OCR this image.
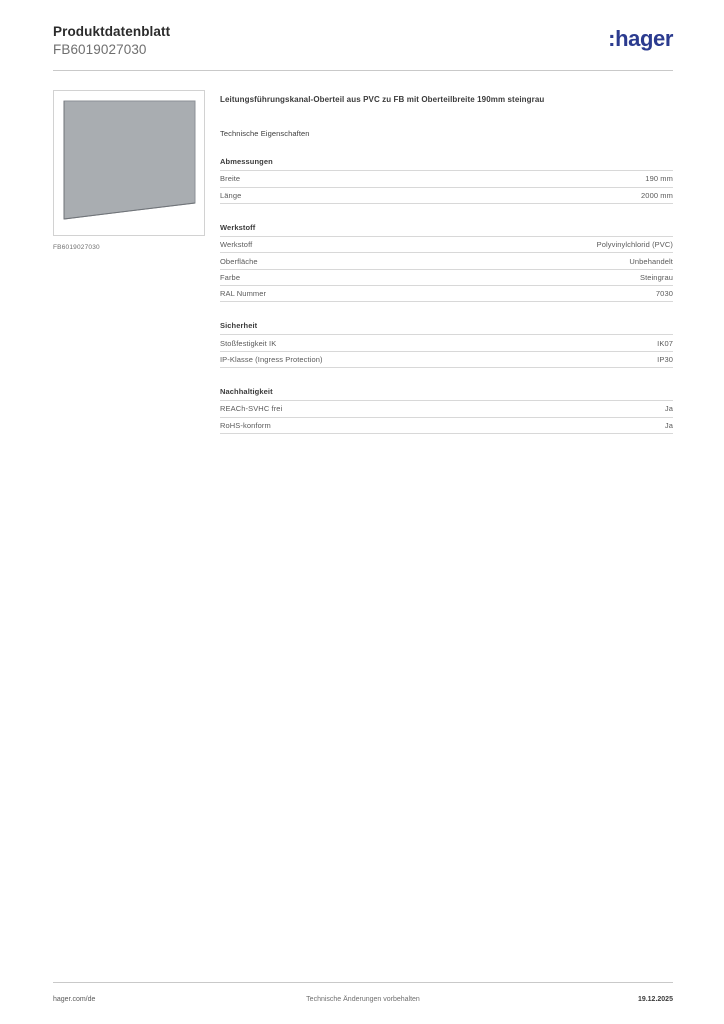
Produktdatenblatt
FB6019027030	:hager
FB6019027030
Leitungsführungskanal-Oberteil aus PVC zu FB mit Oberteilbreite 190mm steingrau
Technische Eigenschaften
Abmessungen
Breite	190 mm
Länge	2000 mm
Werkstoff
Werkstoff	Polyvinylchlorid (PVC)
Oberfläche	Unbehandelt
Farbe	Steingrau
RAL Nummer	7030
Sicherheit
Stoßfestigkeit IK	IK07
IP-Klasse (Ingress Protection)	IP30
Nachhaltigkeit
REACh-SVHC frei	Ja
RoHS-konform	Ja
hager.com/de	Technische Änderungen vorbehalten	19.12.2025
